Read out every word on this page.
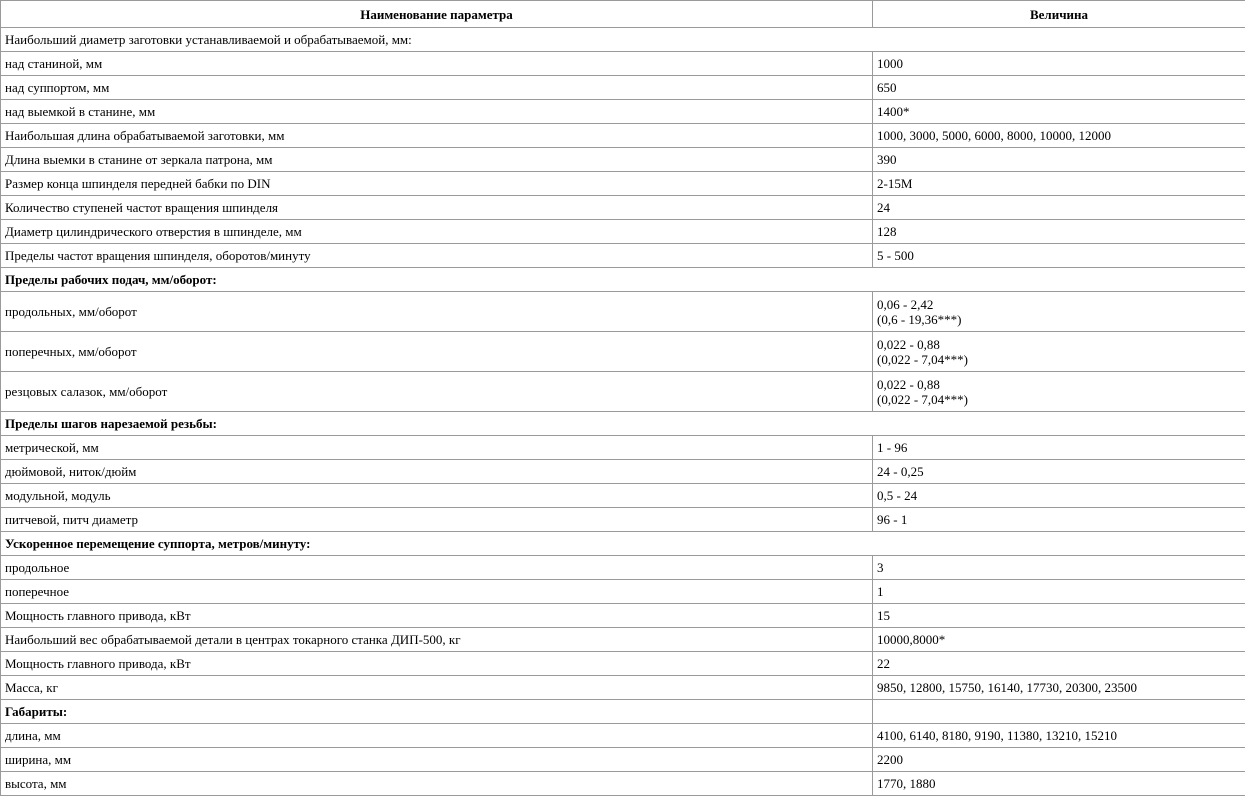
Наименование параметра	Величина
Наибольший диаметр заготовки устанавливаемой и обрабатываемой, мм:	
над станиной, мм	1000
над суппортом, мм	650
над выемкой в станине, мм	1400*
Наибольшая длина обрабатываемой заготовки, мм	1000, 3000, 5000, 6000, 8000, 10000, 12000
Длина выемки в станине от зеркала патрона, мм	390
Размер конца шпинделя передней бабки по DIN	2-15M
Количество ступеней частот вращения шпинделя	24
Диаметр цилиндрического отверстия в шпинделе, мм	128
Пределы частот вращения шпинделя, оборотов/минуту	5 - 500
Пределы рабочих подач, мм/оборот:	
продольных, мм/оборот	0,06 - 2,42
(0,6 - 19,36***)

поперечных, мм/оборот	0,022 - 0,88
(0,022 - 7,04***)

резцовых салазок, мм/оборот	0,022 - 0,88
(0,022 - 7,04***)

Пределы шагов нарезаемой резьбы:	
метрической, мм	1 - 96
дюймовой, ниток/дюйм	24 - 0,25
модульной, модуль	0,5 - 24
питчевой, питч диаметр	96 - 1
Ускоренное перемещение суппорта, метров/минуту:	
продольное	3
поперечное	1
Мощность главного привода, кВт	15
Наибольший вес обрабатываемой детали в центрах токарного станка ДИП-500, кг	10000,8000*
Мощность главного привода, кВт	22
Масса, кг	9850, 12800, 15750, 16140, 17730, 20300, 23500
Габариты:	
длина, мм	4100, 6140, 8180, 9190, 11380, 13210, 15210
ширина, мм	2200
высота, мм	1770, 1880
